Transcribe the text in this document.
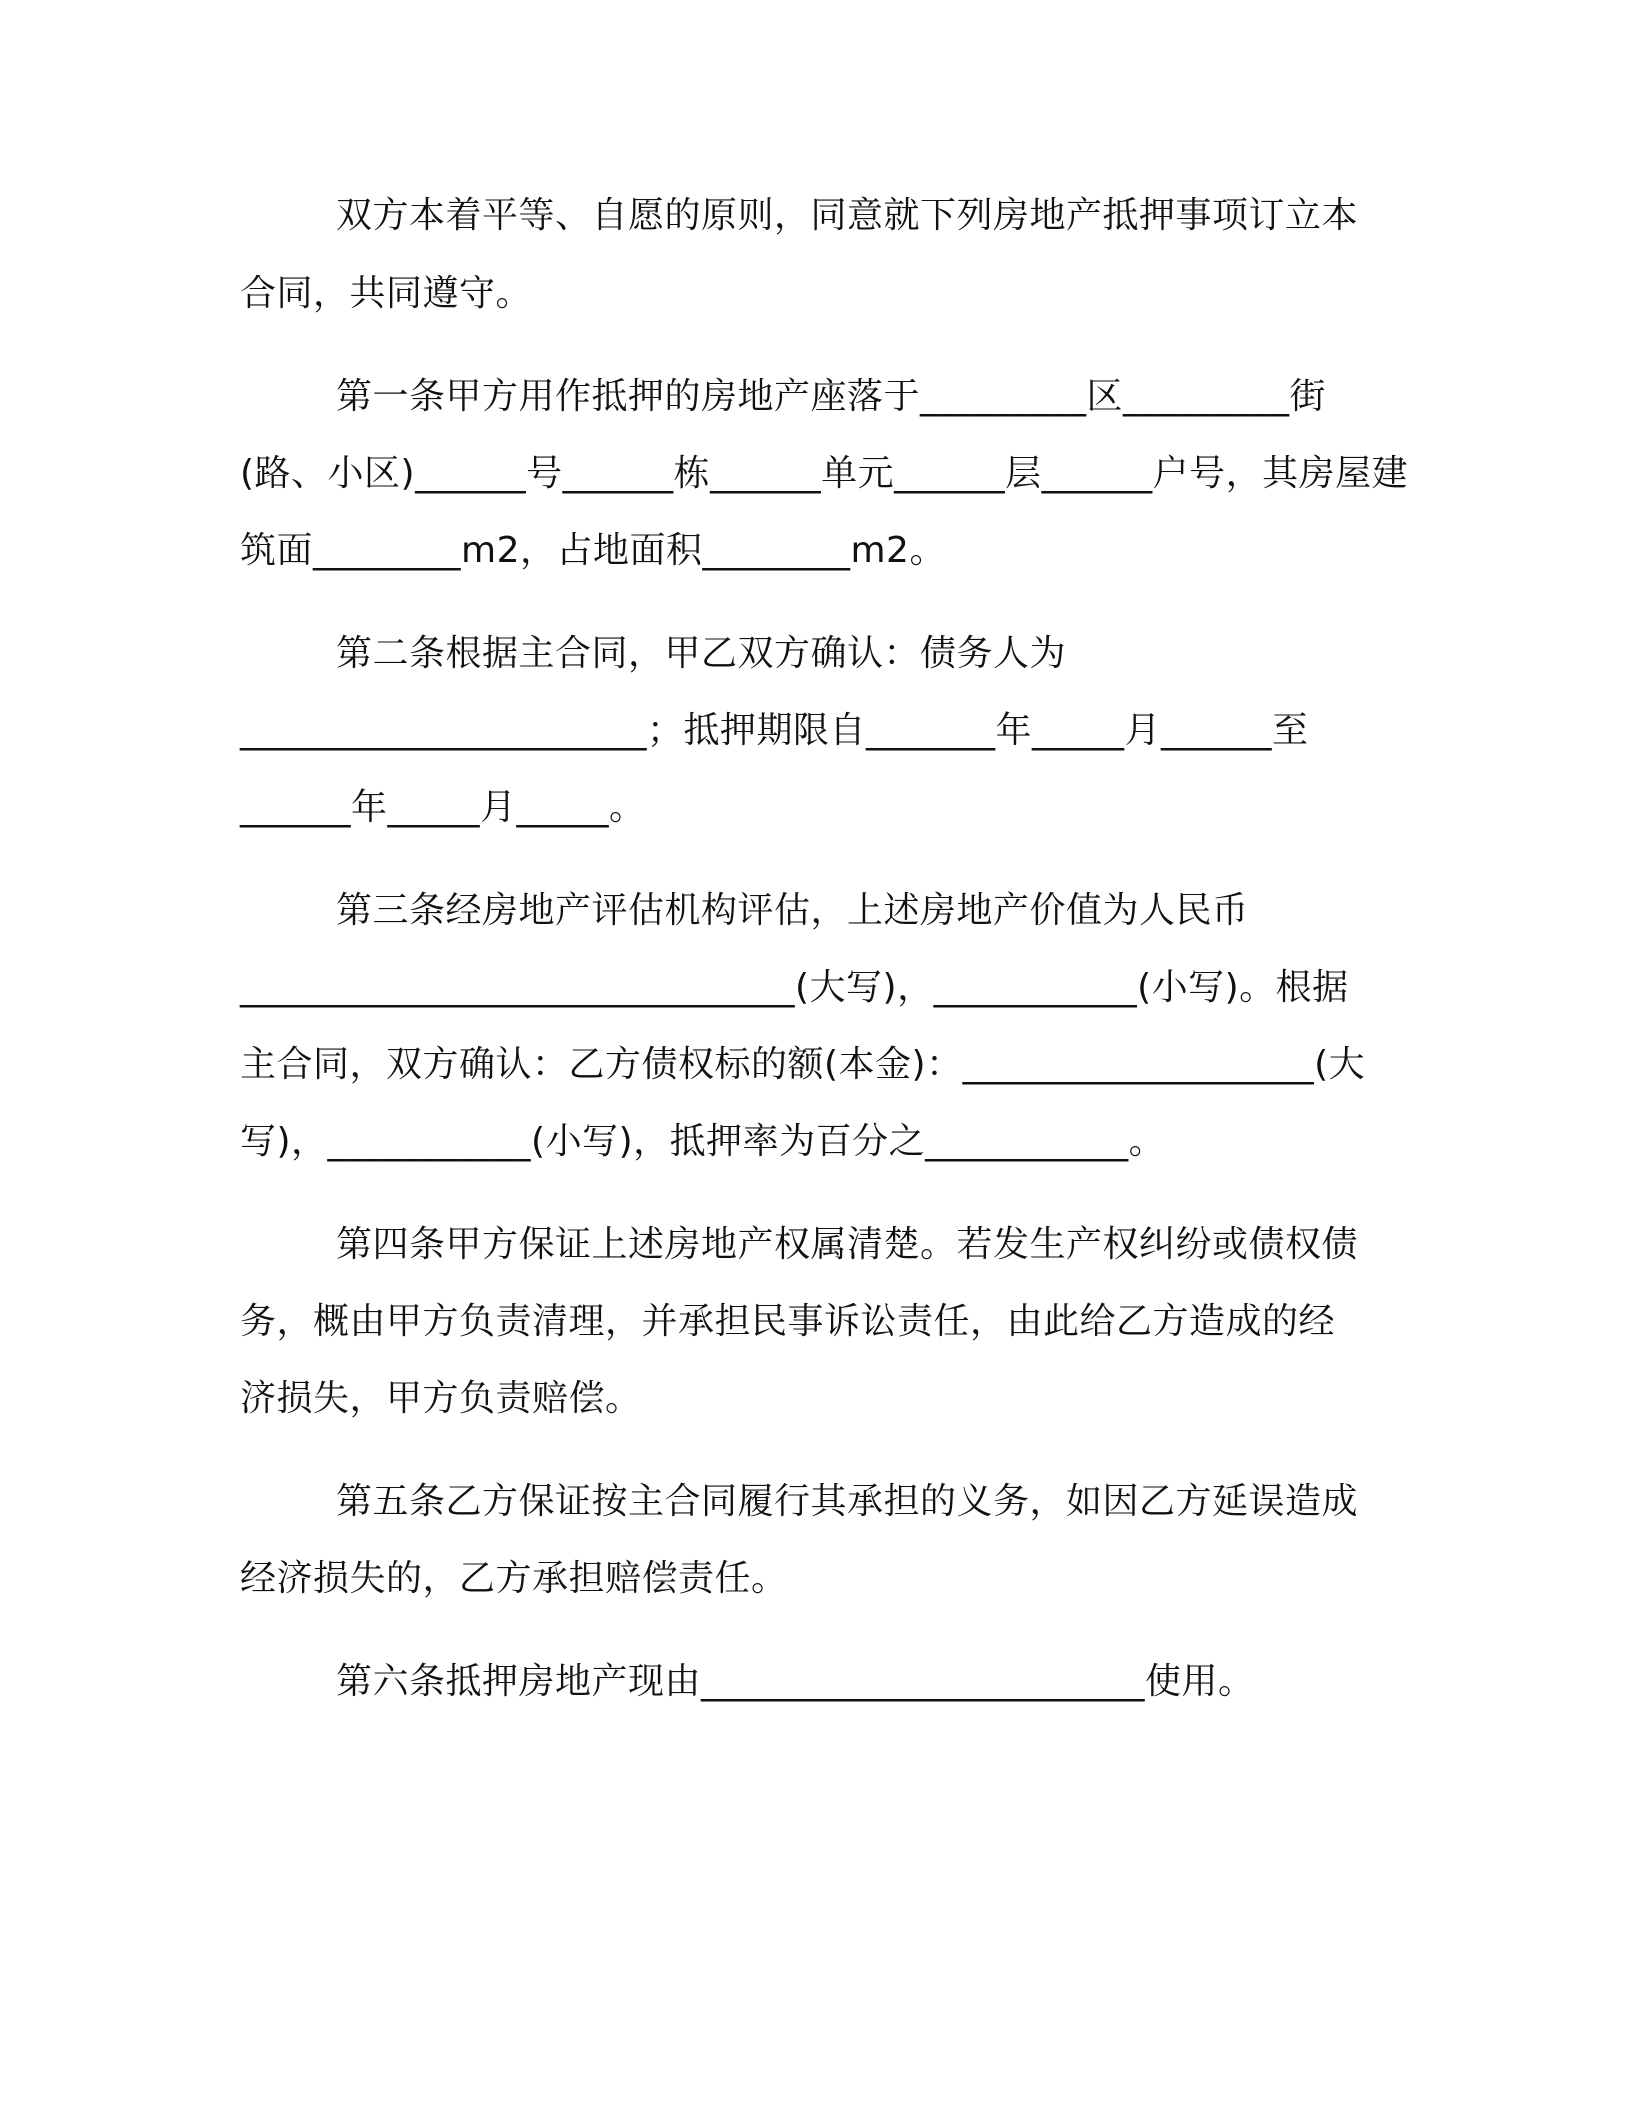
双方本着平等、自愿的原则，同意就下列房地产抵押事项订立本
合同，共同遵守。
第一条甲方用作抵押的房地产座落于_________区_________街
(路、小区)______号______栋______单元______层______户号，其房屋建
筑面________m2，占地面积________m2。
第二条根据主合同，甲乙双方确认：债务人为
______________________；抵押期限自_______年_____月______至
______年_____月_____。
第三条经房地产评估机构评估，上述房地产价值为人民币
______________________________(大写)，___________(小写)。根据
主合同，双方确认：乙方债权标的额(本金)：___________________(大
写)，___________(小写)，抵押率为百分之___________。
第四条甲方保证上述房地产权属清楚。若发生产权纠纷或债权债
务，概由甲方负责清理，并承担民事诉讼责任，由此给乙方造成的经
济损失，甲方负责赔偿。
第五条乙方保证按主合同履行其承担的义务，如因乙方延误造成
经济损失的，乙方承担赔偿责任。
第六条抵押房地产现由________________________使用。
